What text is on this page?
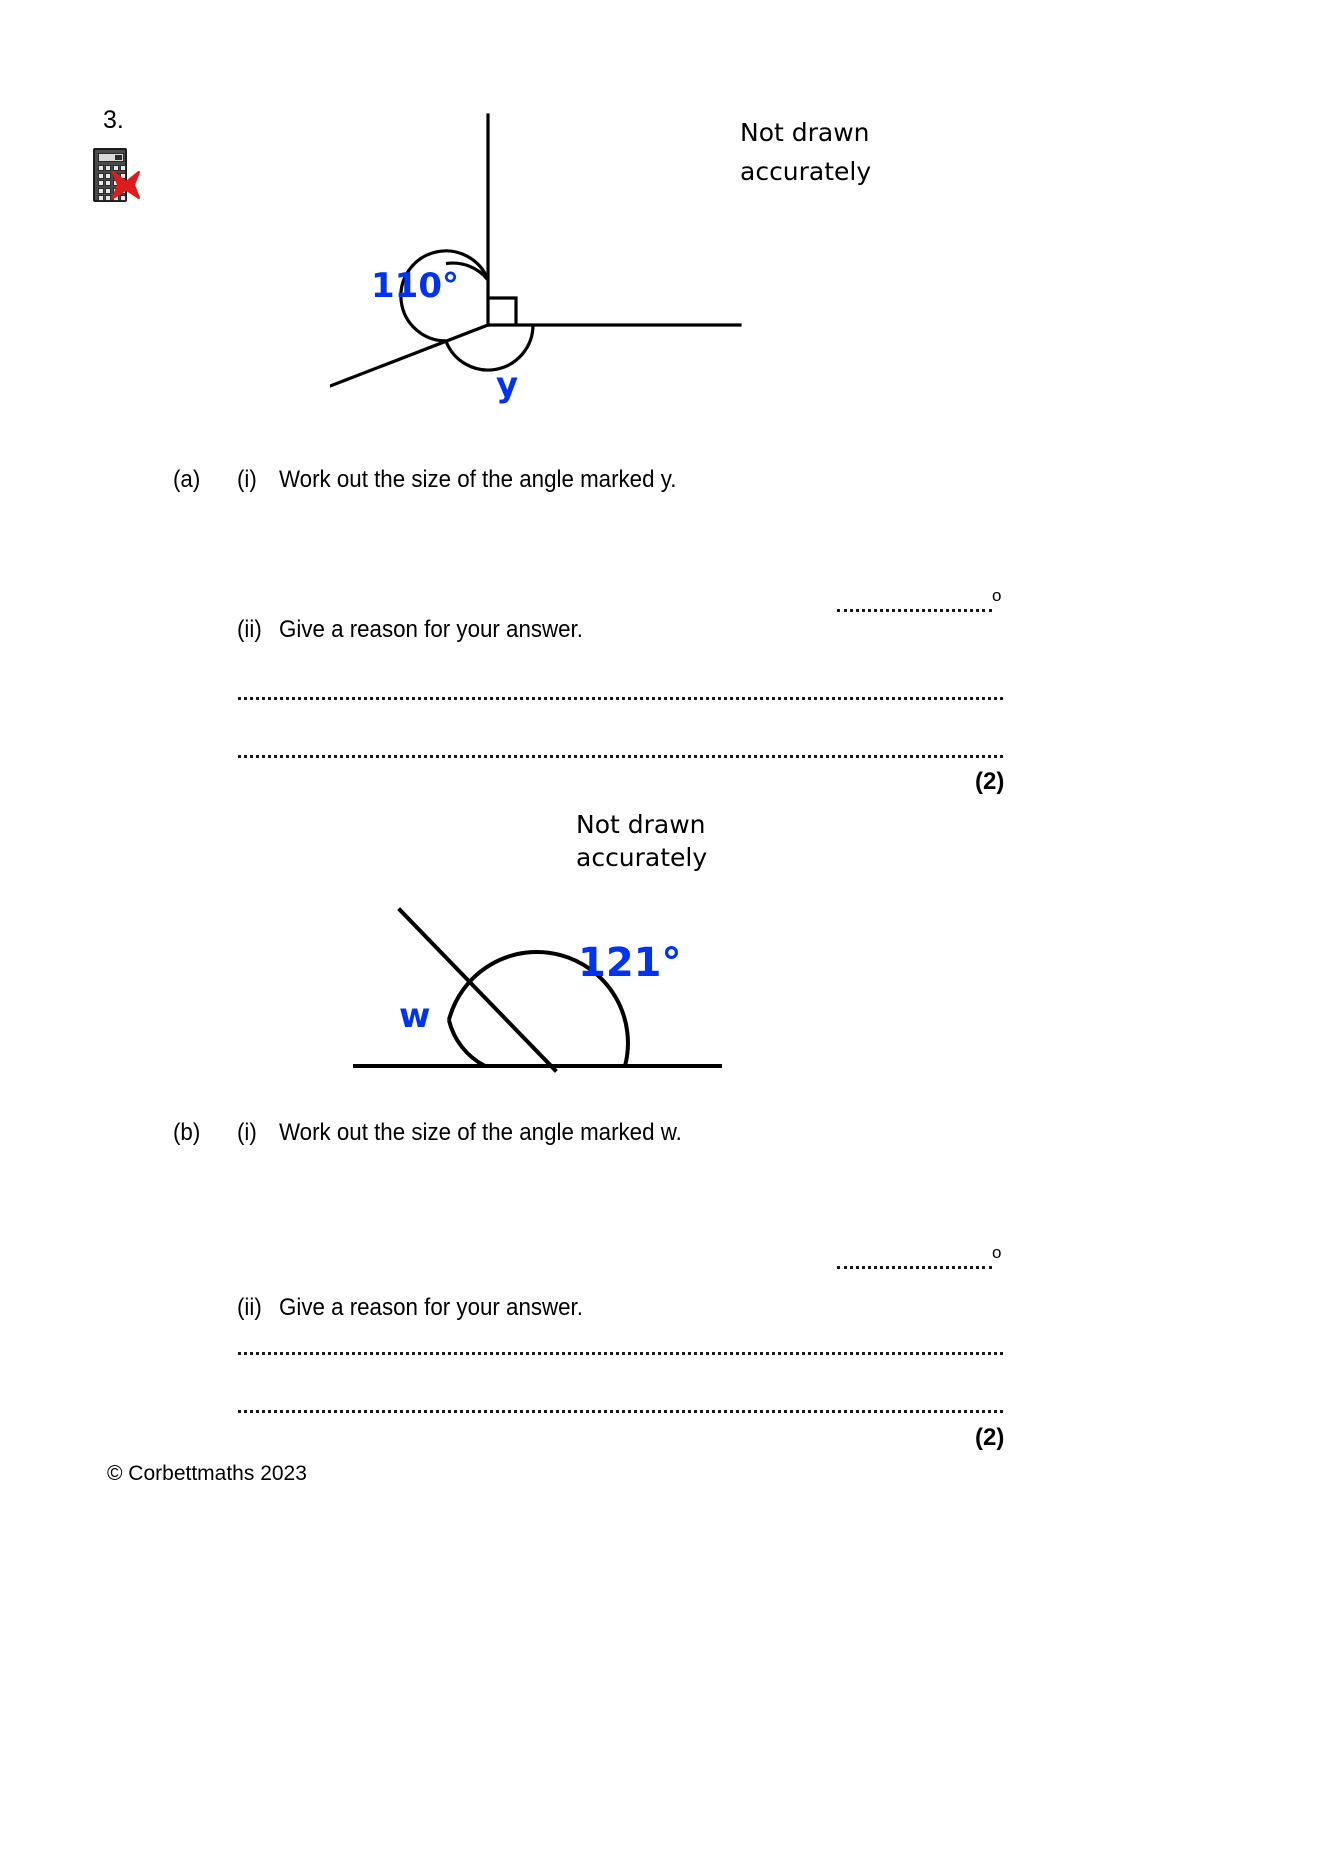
3.	Not drawn
accurately
110°
y
(a) (i) Work out the size of the angle marked y.
o
(ii) Give a reason for your answer.
(2)
Not drawn
accurately
121°
w
(b) (i) Work out the size of the angle marked w.
o
(ii) Give a reason for your answer.
(2)
© Corbettmaths 2023
